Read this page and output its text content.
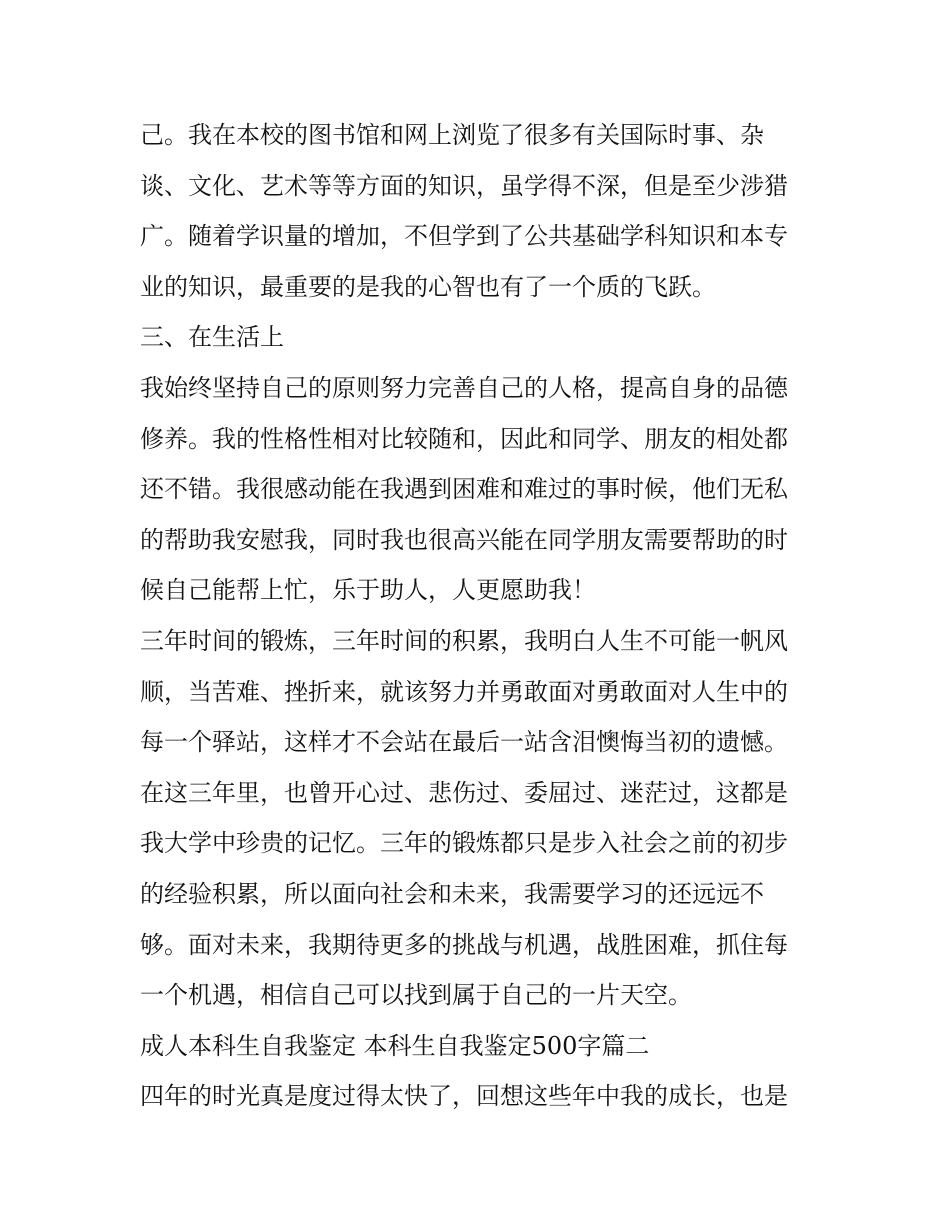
己。我在本校的图书馆和网上浏览了很多有关国际时事、杂
谈、文化、艺术等等方面的知识，虽学得不深，但是至少涉猎
广。随着学识量的增加，不但学到了公共基础学科知识和本专
业的知识，最重要的是我的心智也有了一个质的飞跃。
三、在生活上
我始终坚持自己的原则努力完善自己的人格，提高自身的品德
修养。我的性格性相对比较随和，因此和同学、朋友的相处都
还不错。我很感动能在我遇到困难和难过的事时候，他们无私
的帮助我安慰我，同时我也很高兴能在同学朋友需要帮助的时
候自己能帮上忙，乐于助人，人更愿助我！
三年时间的锻炼，三年时间的积累，我明白人生不可能一帆风
顺，当苦难、挫折来，就该努力并勇敢面对勇敢面对人生中的
每一个驿站，这样才不会站在最后一站含泪懊悔当初的遗憾。
在这三年里，也曾开心过、悲伤过、委屈过、迷茫过，这都是
我大学中珍贵的记忆。三年的锻炼都只是步入社会之前的初步
的经验积累，所以面向社会和未来，我需要学习的还远远不
够。面对未来，我期待更多的挑战与机遇，战胜困难，抓住每
一个机遇，相信自己可以找到属于自己的一片天空。
成人本科生自我鉴定 本科生自我鉴定500字篇二
四年的时光真是度过得太快了，回想这些年中我的成长，也是
